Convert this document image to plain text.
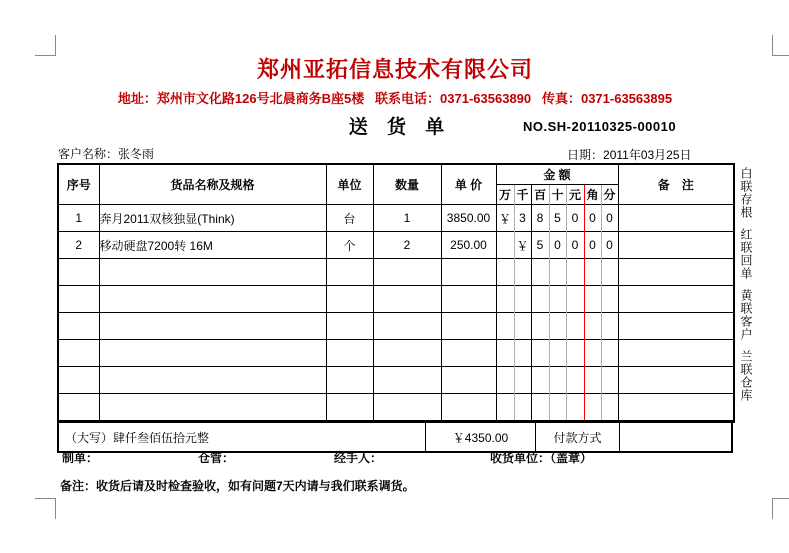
郑州亚拓信息技术有限公司
地址：郑州市文化路126号北晨商务B座5楼   联系电话：0371-63563890   传真：0371-63563895
送 货 单	NO.SH-20110325-00010
客户名称：张冬雨	日期：2011年03月25日
序号	货品名称及规格	单位	数量	单 价	金 额							备　注
					万	千	百	十	元	角	分	
1	奔月2011双核独显(Think)	台	1	3850.00	￥	3	8	5	0	0	0	
2	移动硬盘7200转 16M	个	2	250.00		￥	5	0	0	0	0	

（大写）肆仟叁佰伍拾元整	￥4350.00	付款方式
白联存根
红联回单
黄联客户
兰联仓库
制单：	仓管：	经手人：	收货单位：（盖章）
备注：收货后请及时检查验收，如有问题7天内请与我们联系调货。
